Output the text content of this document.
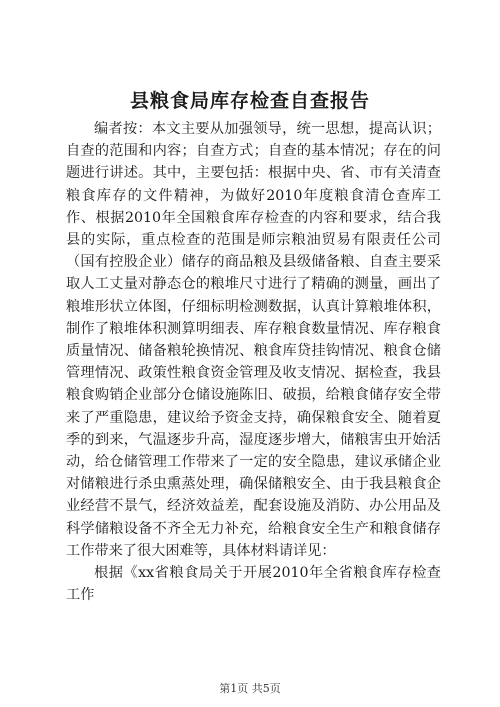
县粮食局库存检查自查报告

编者按：本文主要从加强领导，统一思想，提高认识；自查的范围和内容；自查方式；自查的基本情况；存在的问题进行讲述。其中，主要包括：根据中央、省、市有关清查粮食库存的文件精神，为做好2010年度粮食清仓查库工作、根据2010年全国粮食库存检查的内容和要求，结合我县的实际，重点检查的范围是师宗粮油贸易有限责任公司（国有控股企业）储存的商品粮及县级储备粮、自查主要采取人工丈量对静态仓的粮堆尺寸进行了精确的测量，画出了粮堆形状立体图，仔细标明检测数据，认真计算粮堆体积，制作了粮堆体积测算明细表、库存粮食数量情况、库存粮食质量情况、储备粮轮换情况、粮食库贷挂钩情况、粮食仓储管理情况、政策性粮食资金管理及收支情况、据检查，我县粮食购销企业部分仓储设施陈旧、破损，给粮食储存安全带来了严重隐患，建议给予资金支持，确保粮食安全、随着夏季的到来，气温逐步升高，湿度逐步增大，储粮害虫开始活动，给仓储管理工作带来了一定的安全隐患，建议承储企业对储粮进行杀虫熏蒸处理，确保储粮安全、由于我县粮食企业经营不景气，经济效益差，配套设施及消防、办公用品及科学储粮设备不齐全无力补充，给粮食安全生产和粮食储存工作带来了很大困难等，具体材料请详见：

根据《xx省粮食局关于开展2010年全省粮食库存检查工作

第1页 共5页
